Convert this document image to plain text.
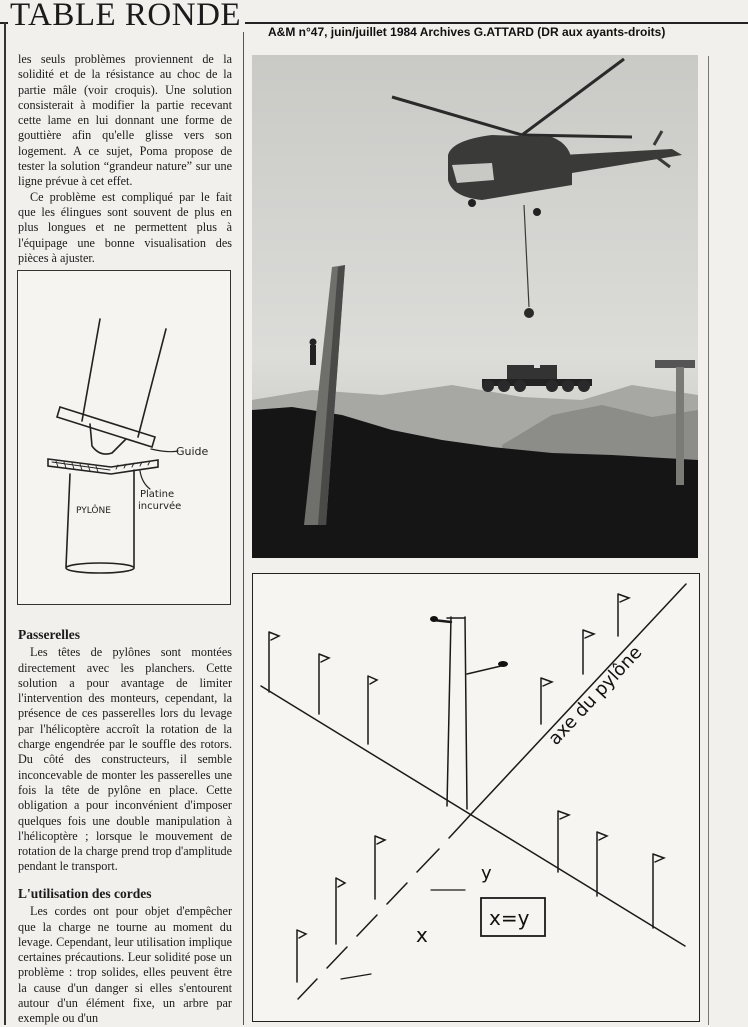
TABLE RONDE	A&M n°47, juin/juillet 1984 Archives G.ATTARD (DR aux ayants-droits)

les seuls problèmes proviennent de la solidité et de la résistance au choc de la partie mâle (voir croquis). Une solution consisterait à modifier la partie recevant cette lame en lui donnant une forme de gouttière afin qu'elle glisse vers son logement. A ce sujet, Poma propose de tester la solution “grandeur nature” sur une ligne prévue à cet effet.

Ce problème est compliqué par le fait que les élingues sont souvent de plus en plus longues et ne permettent plus à l'équipage une bonne visualisation des pièces à ajuster.

Guide
Platine
incurvée
PYLÔNE
Passerelles

Les têtes de pylônes sont montées directement avec les planchers. Cette solution a pour avantage de limiter l'intervention des monteurs, cependant, la présence de ces passerelles lors du levage par l'hélicoptère accroît la rotation de la charge engendrée par le souffle des rotors. Du côté des constructeurs, il semble inconcevable de monter les passerelles une fois la tête de pylône en place. Cette obligation a pour inconvénient d'imposer quelques fois une double manipulation à l'hélicoptère ; lorsque le mouvement de rotation de la charge prend trop d'amplitude pendant le transport.

L'utilisation des cordes

Les cordes ont pour objet d'empêcher que la charge ne tourne au moment du levage. Cependant, leur utilisation implique certaines précautions. Leur solidité pose un problème : trop solides, elles peuvent être la cause d'un danger si elles s'entourent autour d'un élément fixe, un arbre par exemple ou d'un

axe du pylône
y
x
x=y
